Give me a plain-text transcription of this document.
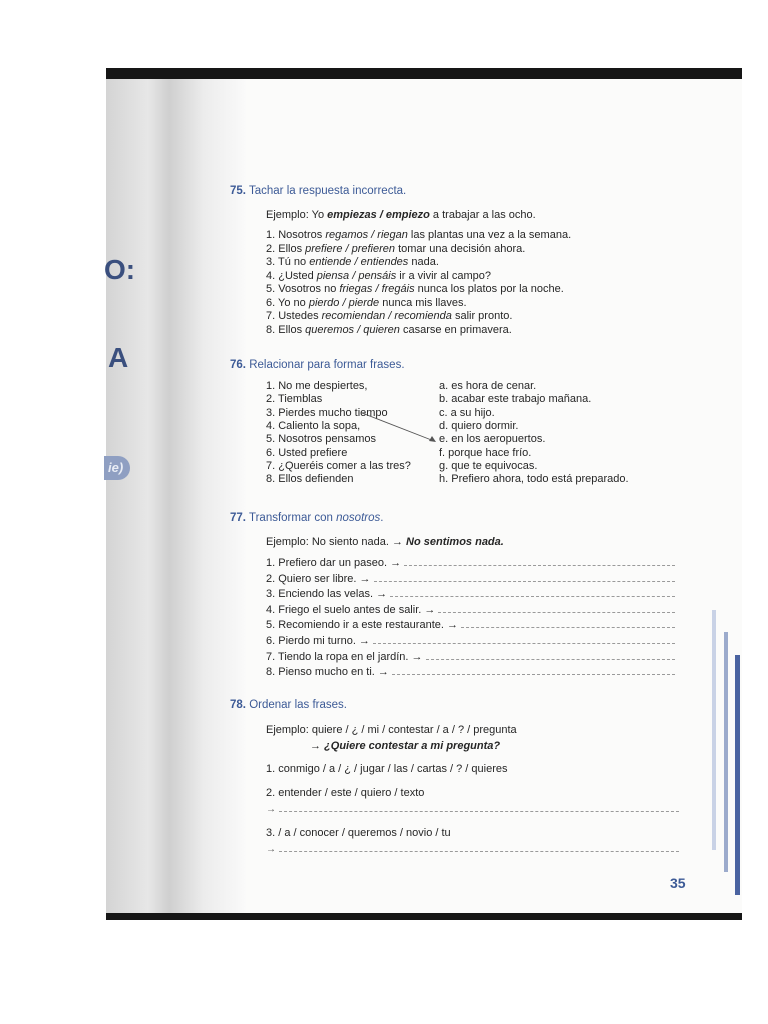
O:
A
ie)
75. Tachar la respuesta incorrecta.
Ejemplo: Yo empiezas / empiezo a trabajar a las ocho.
1. Nosotros regamos / riegan las plantas una vez a la semana.
2. Ellos prefiere / prefieren tomar una decisión ahora.
3. Tú no entiende / entiendes nada.
4. ¿Usted piensa / pensáis ir a vivir al campo?
5. Vosotros no friegas / fregáis nunca los platos por la noche.
6. Yo no pierdo / pierde nunca mis llaves.
7. Ustedes recomiendan / recomienda salir pronto.
8. Ellos queremos / quieren casarse en primavera.
76. Relacionar para formar frases.
1. No me despiertes,
2. Tiemblas
3. Pierdes mucho tiempo
4. Caliento la sopa,
5. Nosotros pensamos
6. Usted prefiere
7. ¿Queréis comer a las tres?
8. Ellos defienden
a. es hora de cenar.
b. acabar este trabajo mañana.
c. a su hijo.
d. quiero dormir.
e. en los aeropuertos.
f. porque hace frío.
g. que te equivocas.
h. Prefiero ahora, todo está preparado.
77. Transformar con nosotros.
Ejemplo: No siento nada. → No sentimos nada.
1. Prefiero dar un paseo. →
2. Quiero ser libre. →
3. Enciendo las velas. →
4. Friego el suelo antes de salir. →
5. Recomiendo ir a este restaurante. →
6. Pierdo mi turno. →
7. Tiendo la ropa en el jardín. →
8. Pienso mucho en ti. →
78. Ordenar las frases.
Ejemplo: quiere / ¿ / mi / contestar / a / ? / pregunta
→ ¿Quiere contestar a mi pregunta?
1. conmigo / a / ¿ / jugar / las / cartas / ? / quieres
2. entender / este / quiero / texto
→
3. / a / conocer / queremos / novio / tu
→
35
